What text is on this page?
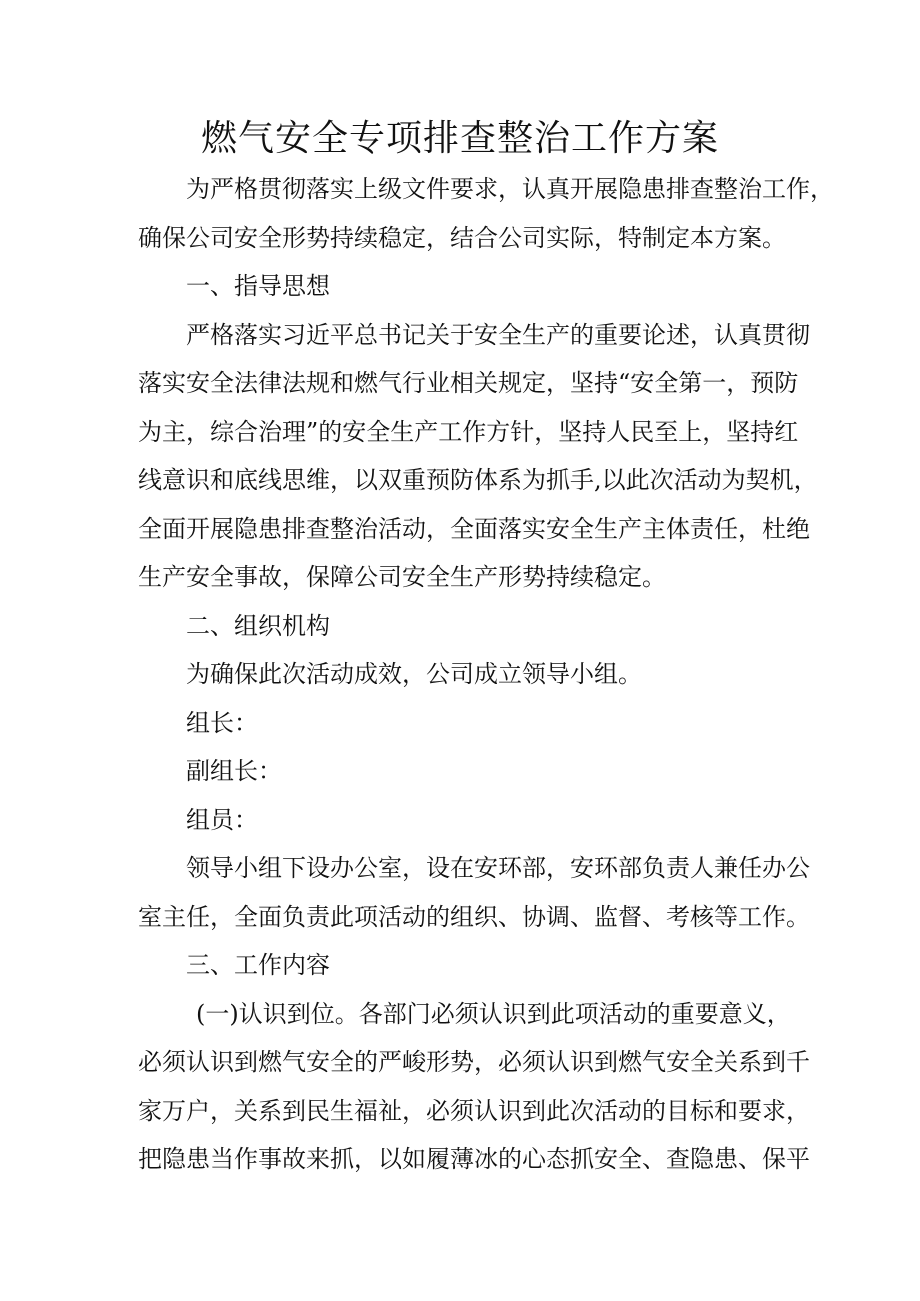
燃气安全专项排查整治工作方案
为严格贯彻落实上级文件要求，认真开展隐患排查整治工作，
确保公司安全形势持续稳定，结合公司实际，特制定本方案。
一、指导思想
严格落实习近平总书记关于安全生产的重要论述，认真贯彻
落实安全法律法规和燃气行业相关规定，坚持“安全第一，预防
为主，综合治理”的安全生产工作方针，坚持人民至上，坚持红
线意识和底线思维，以双重预防体系为抓手,以此次活动为契机，
全面开展隐患排查整治活动，全面落实安全生产主体责任，杜绝
生产安全事故，保障公司安全生产形势持续稳定。
二、组织机构
为确保此次活动成效，公司成立领导小组。
组长：
副组长：
组员：
领导小组下设办公室，设在安环部，安环部负责人兼任办公
室主任，全面负责此项活动的组织、协调、监督、考核等工作。
三、工作内容
(一)认识到位。各部门必须认识到此项活动的重要意义，
必须认识到燃气安全的严峻形势，必须认识到燃气安全关系到千
家万户，关系到民生福祉，必须认识到此次活动的目标和要求，
把隐患当作事故来抓，以如履薄冰的心态抓安全、查隐患、保平
